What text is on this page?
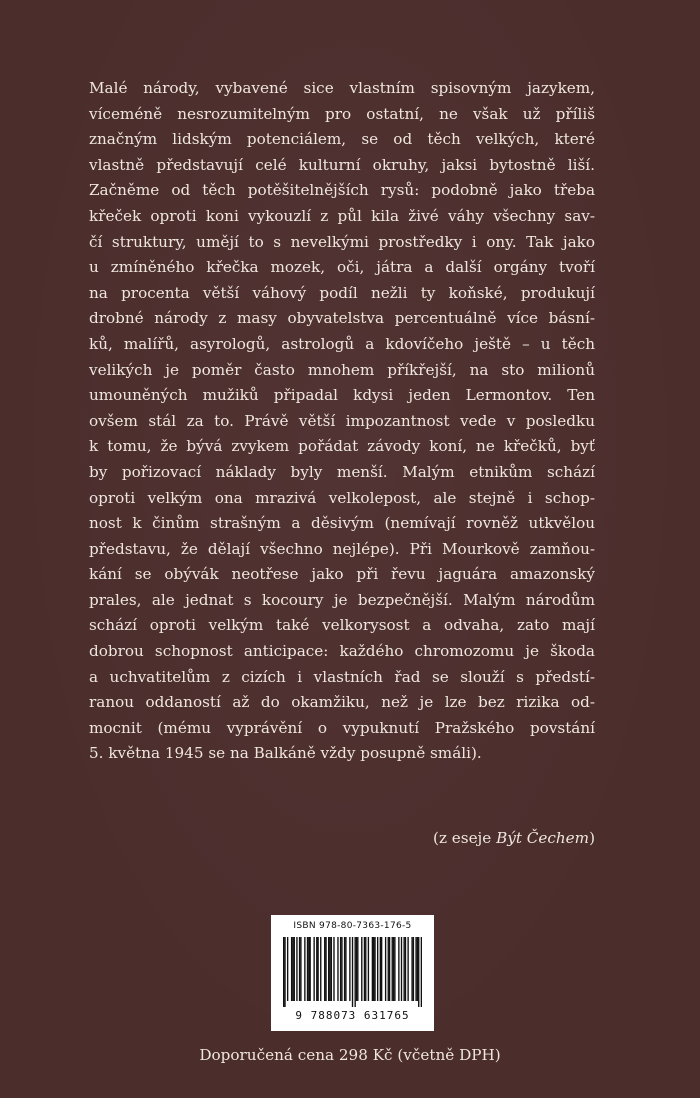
Malé národy, vybavené sice vlastním spisovným jazykem,
víceméně nesrozumitelným pro ostatní, ne však už příliš
značným lidským potenciálem, se od těch velkých, které
vlastně představují celé kulturní okruhy, jaksi bytostně liší.
Začněme od těch potěšitelnějších rysů: podobně jako třeba
křeček oproti koni vykouzlí z půl kila živé váhy všechny sav-
čí struktury, umějí to s nevelkými prostředky i ony. Tak jako
u zmíněného křečka mozek, oči, játra a další orgány tvoří
na procenta větší váhový podíl nežli ty koňské, produkují
drobné národy z masy obyvatelstva percentuálně více básní-
ků, malířů, asyrologů, astrologů a kdovíčeho ještě – u těch
velikých je poměr často mnohem příkřejší, na sto milionů
umouněných mužiků připadal kdysi jeden Lermontov. Ten
ovšem stál za to. Právě větší impozantnost vede v posledku
k tomu, že bývá zvykem pořádat závody koní, ne křečků, byť
by pořizovací náklady byly menší. Malým etnikům schází
oproti velkým ona mrazivá velkolepost, ale stejně i schop-
nost k činům strašným a děsivým (nemívají rovněž utkvělou
představu, že dělají všechno nejlépe). Při Mourkově zamňou-
kání se obývák neotřese jako při řevu jaguára amazonský
prales, ale jednat s kocoury je bezpečnější. Malým národům
schází oproti velkým také velkorysost a odvaha, zato mají
dobrou schopnost anticipace: každého chromozomu je škoda
a uchvatitelům z cizích i vlastních řad se slouží s předstí-
ranou oddaností až do okamžiku, než je lze bez rizika od-
mocnit (mému vyprávění o vypuknutí Pražského povstání
5. května 1945 se na Balkáně vždy posupně smáli).
(z eseje Být Čechem)
ISBN 978-80-7363-176-5
9 788073 631765
Doporučená cena 298 Kč (včetně DPH)
